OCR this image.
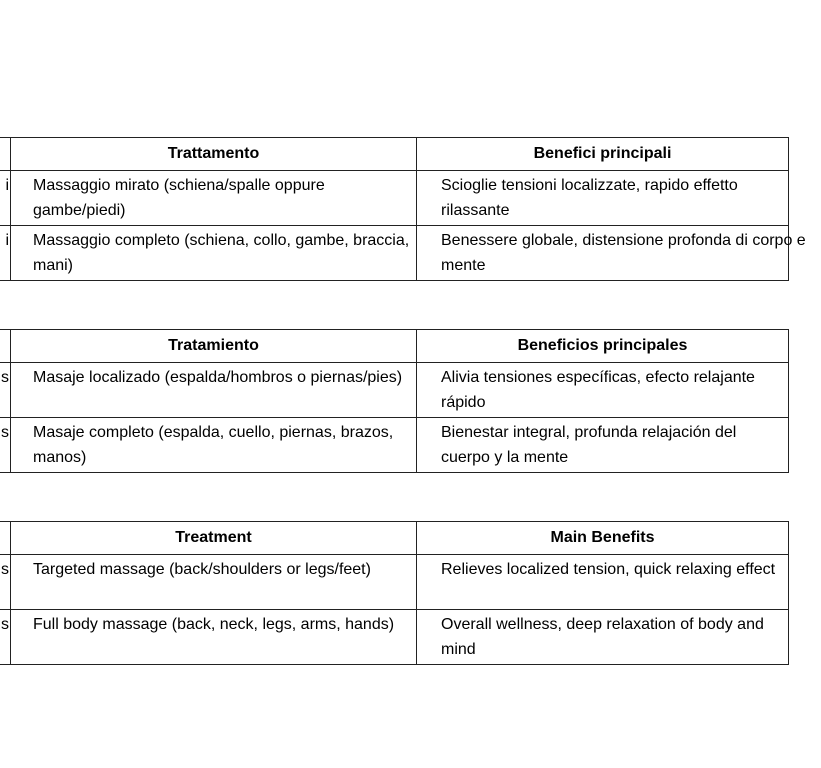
	Trattamento	Benefici principali
i	Massaggio mirato (schiena/spalle oppure gambe/piedi)	Scioglie tensioni localizzate, rapido effetto rilassante

i	Massaggio completo (schiena, collo, gambe, braccia, mani)	Benessere globale, distensione profonda di corpo e mente
	Tratamiento	Beneficios principales
s	Masaje localizado (espalda/hombros o piernas/pies)	Alivia tensiones específicas, efecto relajante rápido

s	Masaje completo (espalda, cuello, piernas, brazos, manos)	Bienestar integral, profunda relajación del cuerpo y la mente
	Treatment	Main Benefits
s	Targeted massage (back/shoulders or legs/feet)	Relieves localized tension, quick relaxing effect

s	Full body massage (back, neck, legs, arms, hands)	Overall wellness, deep relaxation of body and mind
